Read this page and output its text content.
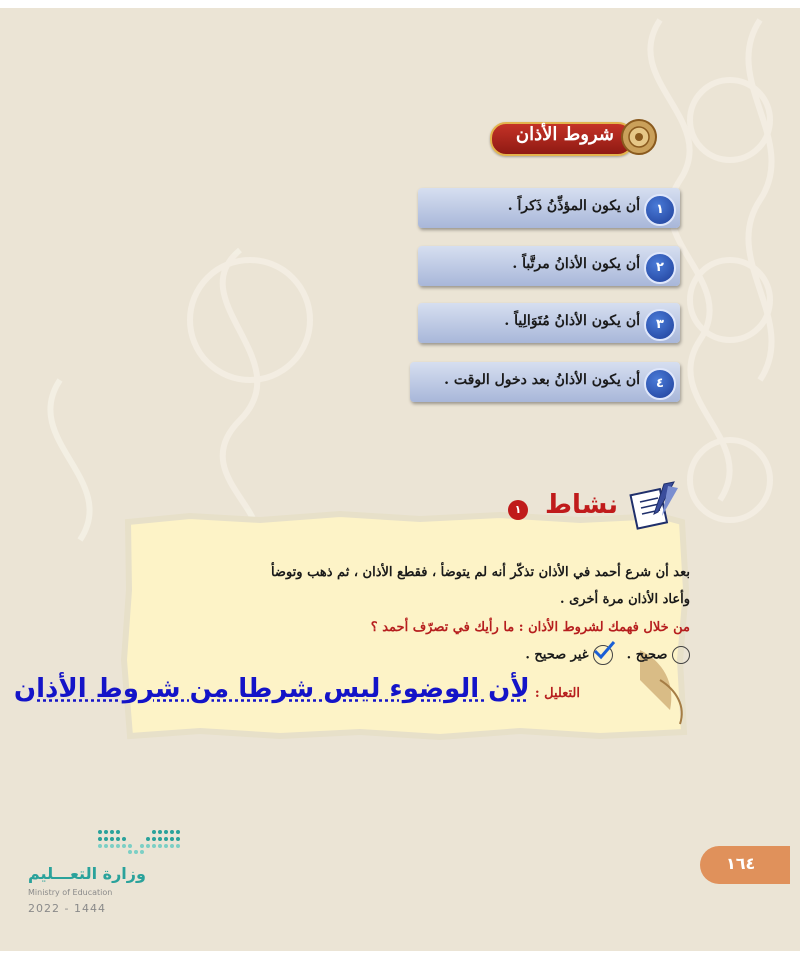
شروط الأذان
١
أن يكون المؤذِّنُ ذَكراً .
٢
أن يكون الأذانُ مرتَّباً .
٣
أن يكون الأذانُ مُتَوَالِياً .
٤
أن يكون الأذانُ بعد دخول الوقت .
نشاط
١
بعد أن شرع أحمد في الأذان تذكّر أنه لم يتوضأ ، فقطع الأذان ، ثم ذهب وتوضأ
وأعاد الأذان مرة أخرى .
من خلال فهمك لشروط الأذان : ما رأيك في تصرّف أحمد ؟
صحيح .
غير صحيح .
التعليل : لأن الوضوء ليس شرطا من شروط الأذان
وزارة التعـــليم
Ministry of Education
2022 - 1444
١٦٤
